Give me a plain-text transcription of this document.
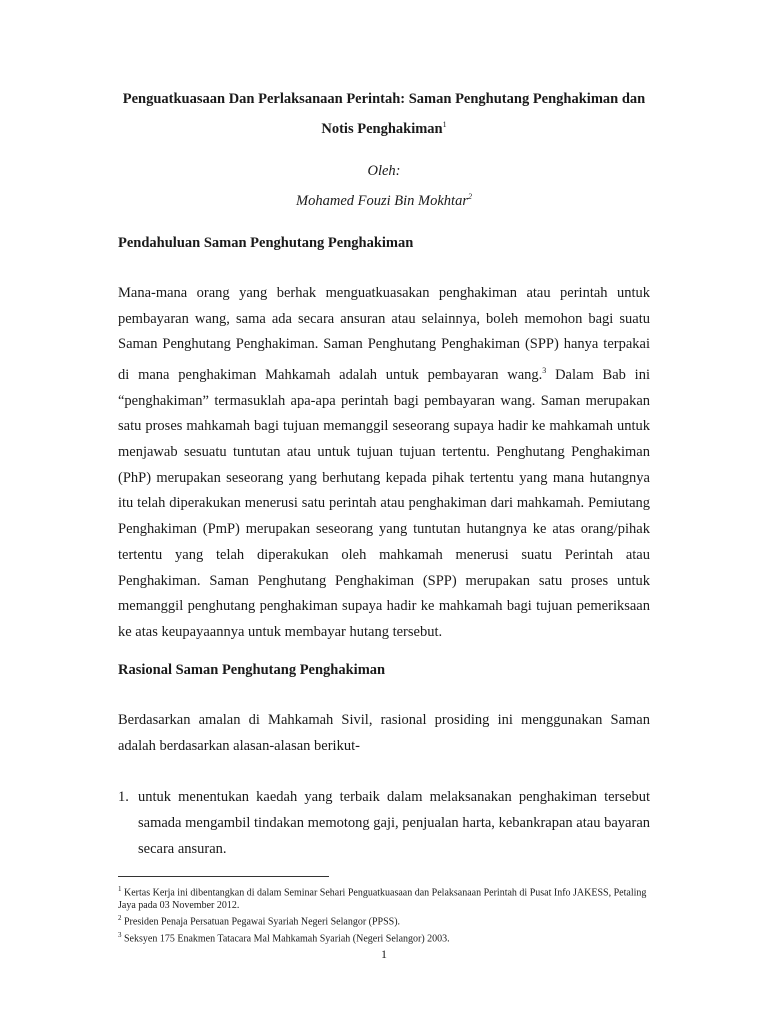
Penguatkuasaan Dan Perlaksanaan Perintah: Saman Penghutang Penghakiman dan
Notis Penghakiman$^1$
Oleh:
Mohamed Fouzi Bin Mokhtar$^2$
Pendahuluan Saman Penghutang Penghakiman
Mana-mana orang yang berhak menguatkuasakan penghakiman atau perintah untuk pembayaran wang, sama ada secara ansuran atau selainnya, boleh memohon bagi suatu Saman Penghutang Penghakiman. Saman Penghutang Penghakiman (SPP) hanya terpakai di mana penghakiman Mahkamah adalah untuk pembayaran wang.$^3$ Dalam Bab ini “penghakiman” termasuklah apa-apa perintah bagi pembayaran wang. Saman merupakan satu proses mahkamah bagi tujuan memanggil seseorang supaya hadir ke mahkamah untuk menjawab sesuatu tuntutan atau untuk tujuan tujuan tertentu. Penghutang Penghakiman (PhP) merupakan seseorang yang berhutang kepada pihak tertentu yang mana hutangnya itu telah diperakukan menerusi satu perintah atau penghakiman dari mahkamah. Pemiutang Penghakiman (PmP) merupakan seseorang yang tuntutan hutangnya ke atas orang/pihak tertentu yang telah diperakukan oleh mahkamah menerusi suatu Perintah atau Penghakiman. Saman Penghutang Penghakiman (SPP) merupakan satu proses untuk memanggil penghutang penghakiman supaya hadir ke mahkamah bagi tujuan pemeriksaan ke atas keupayaannya untuk membayar hutang tersebut.
Rasional Saman Penghutang Penghakiman
Berdasarkan amalan di Mahkamah Sivil, rasional prosiding ini menggunakan Saman adalah berdasarkan alasan-alasan berikut-
1. untuk menentukan kaedah yang terbaik dalam melaksanakan penghakiman tersebut samada mengambil tindakan memotong gaji, penjualan harta, kebankrapan atau bayaran secara ansuran.
$^1$ Kertas Kerja ini dibentangkan di dalam Seminar Sehari Penguatkuasaan dan Pelaksanaan Perintah di Pusat Info JAKESS, Petaling Jaya pada 03 November 2012.
$^2$ Presiden Penaja Persatuan Pegawai Syariah Negeri Selangor (PPSS).
$^3$ Seksyen 175 Enakmen Tatacara Mal Mahkamah Syariah (Negeri Selangor) 2003.
1
